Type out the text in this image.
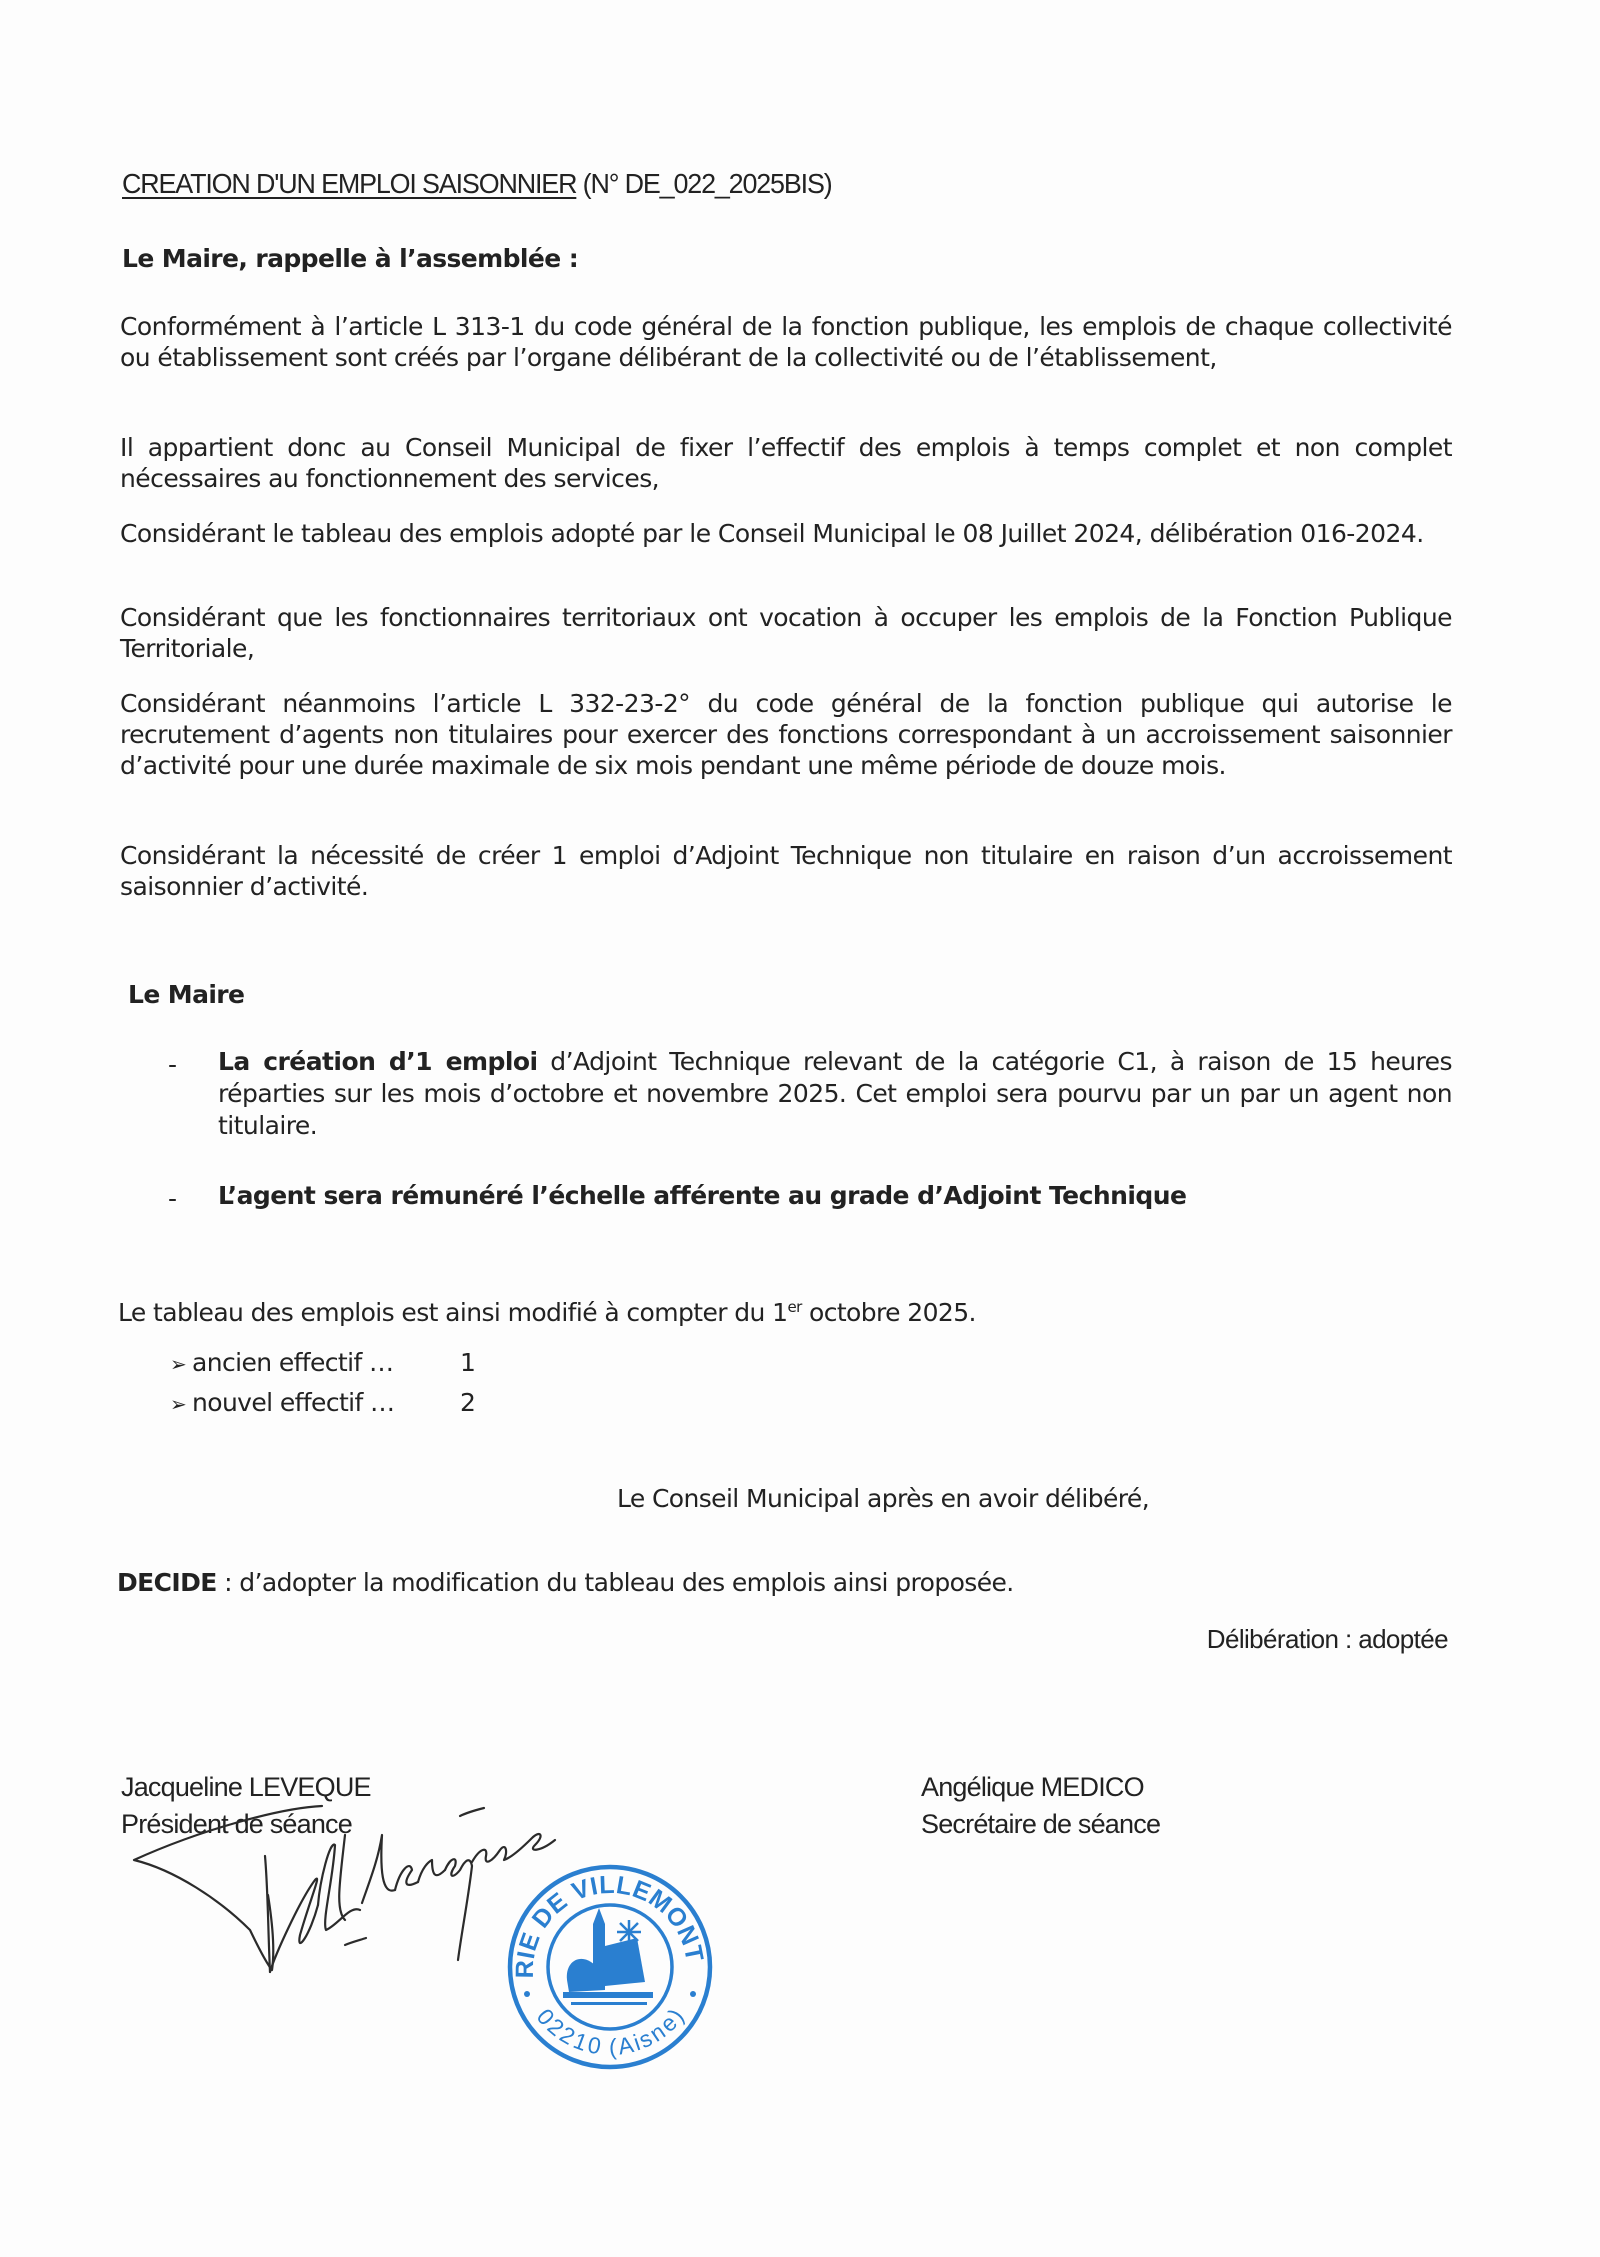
CREATION D'UN EMPLOI SAISONNIER (N° DE_022_2025BIS)
Le Maire, rappelle à l’assemblée :
Conformément à l’article L 313-1 du code général de la fonction publique, les emplois de chaque collectivité ou établissement sont créés par l’organe délibérant de la collectivité ou de l’établissement,
Il appartient donc au Conseil Municipal de fixer l’effectif des emplois à temps complet et non complet nécessaires au fonctionnement des services,
Considérant le tableau des emplois adopté par le Conseil Municipal le 08 Juillet 2024, délibération 016-2024.
Considérant que les fonctionnaires territoriaux ont vocation à occuper les emplois de la Fonction Publique Territoriale,
Considérant néanmoins l’article L 332-23-2° du code général de la fonction publique qui autorise le recrutement d’agents non titulaires pour exercer des fonctions correspondant à un accroissement saisonnier d’activité pour une durée maximale de six mois pendant une même période de douze mois.
Considérant la nécessité de créer 1 emploi d’Adjoint Technique non titulaire en raison d’un accroissement saisonnier d’activité.
Le Maire
- La création d’1 emploi d’Adjoint Technique relevant de la catégorie C1, à raison de 15 heures réparties sur les mois d’octobre et novembre 2025. Cet emploi sera pourvu par un par un agent non titulaire.
- L’agent sera rémunéré l’échelle afférente au grade d’Adjoint Technique
Le tableau des emplois est ainsi modifié à compter du 1er octobre 2025.
➢ ancien effectif …	1
➢ nouvel effectif …	2
Le Conseil Municipal après en avoir délibéré,
DECIDE : d’adopter la modification du tableau des emplois ainsi proposée.
Délibération : adoptée
Jacqueline LEVEQUE
Président de séance
Angélique MEDICO
Secrétaire de séance
MAIRIE DE VILLEMONTOIRE
02210 (Aisne)
